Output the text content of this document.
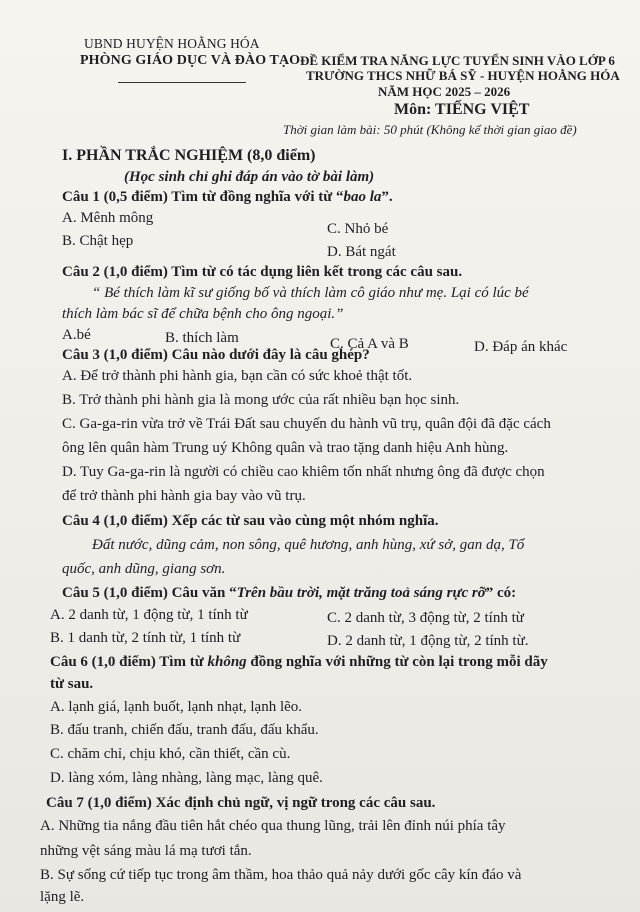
UBND HUYỆN HOẰNG HÓA
PHÒNG GIÁO DỤC VÀ ĐÀO TẠO ĐỀ KIỂM TRA NĂNG LỰC TUYỂN SINH VÀO LỚP 6
TRƯỜNG THCS NHỮ BÁ SỸ - HUYỆN HOẰNG HÓA
NĂM HỌC 2025 – 2026
Môn: TIẾNG VIỆT
Thời gian làm bài: 50 phút (Không kể thời gian giao đề)
I. PHẦN TRẮC NGHIỆM (8,0 điểm)
(Học sinh chỉ ghi đáp án vào tờ bài làm)
Câu 1 (0,5 điểm) Tìm từ đồng nghĩa với từ “bao la”.
A. Mênh mông
C. Nhỏ bé
B. Chật hẹp
D. Bát ngát
Câu 2 (1,0 điểm) Tìm từ có tác dụng liên kết trong các câu sau.
“ Bé thích làm kĩ sư giống bố và thích làm cô giáo như mẹ. Lại có lúc bé
thích làm bác sĩ để chữa bệnh cho ông ngoại.”
A.bé	B. thích làm	C. Cả A và B	D. Đáp án khác
Câu 3 (1,0 điểm) Câu nào dưới đây là câu ghép?
A. Để trở thành phi hành gia, bạn cần có sức khoẻ thật tốt.
B. Trở thành phi hành gia là mong ước của rất nhiều bạn học sinh.
C. Ga-ga-rin vừa trở về Trái Đất sau chuyến du hành vũ trụ, quân đội đã đặc cách
ông lên quân hàm Trung uý Không quân và trao tặng danh hiệu Anh hùng.
D. Tuy Ga-ga-rin là người có chiều cao khiêm tốn nhất nhưng ông đã được chọn
để trở thành phi hành gia bay vào vũ trụ.
Câu 4 (1,0 điểm) Xếp các từ sau vào cùng một nhóm nghĩa.
Đất nước, dũng cảm, non sông, quê hương, anh hùng, xứ sở, gan dạ, Tổ
quốc, anh dũng, giang sơn.
Câu 5 (1,0 điểm) Câu văn “Trên bầu trời, mặt trăng toả sáng rực rỡ” có:
A. 2 danh từ, 1 động từ, 1 tính từ	C. 2 danh từ, 3 động từ, 2 tính từ
B. 1 danh từ, 2 tính từ, 1 tính từ	D. 2 danh từ, 1 động từ, 2 tính từ.
Câu 6 (1,0 điểm) Tìm từ không đồng nghĩa với những từ còn lại trong mỗi dãy
từ sau.
A. lạnh giá, lạnh buốt, lạnh nhạt, lạnh lẽo.
B. đấu tranh, chiến đấu, tranh đấu, đấu khẩu.
C. chăm chỉ, chịu khó, cần thiết, cần cù.
D. làng xóm, làng nhàng, làng mạc, làng quê.
Câu 7 (1,0 điểm) Xác định chủ ngữ, vị ngữ trong các câu sau.
A. Những tia nắng đầu tiên hắt chéo qua thung lũng, trải lên đỉnh núi phía tây
những vệt sáng màu lá mạ tươi tắn.
B. Sự sống cứ tiếp tục trong âm thầm, hoa thảo quả nảy dưới gốc cây kín đáo và
lặng lẽ.
